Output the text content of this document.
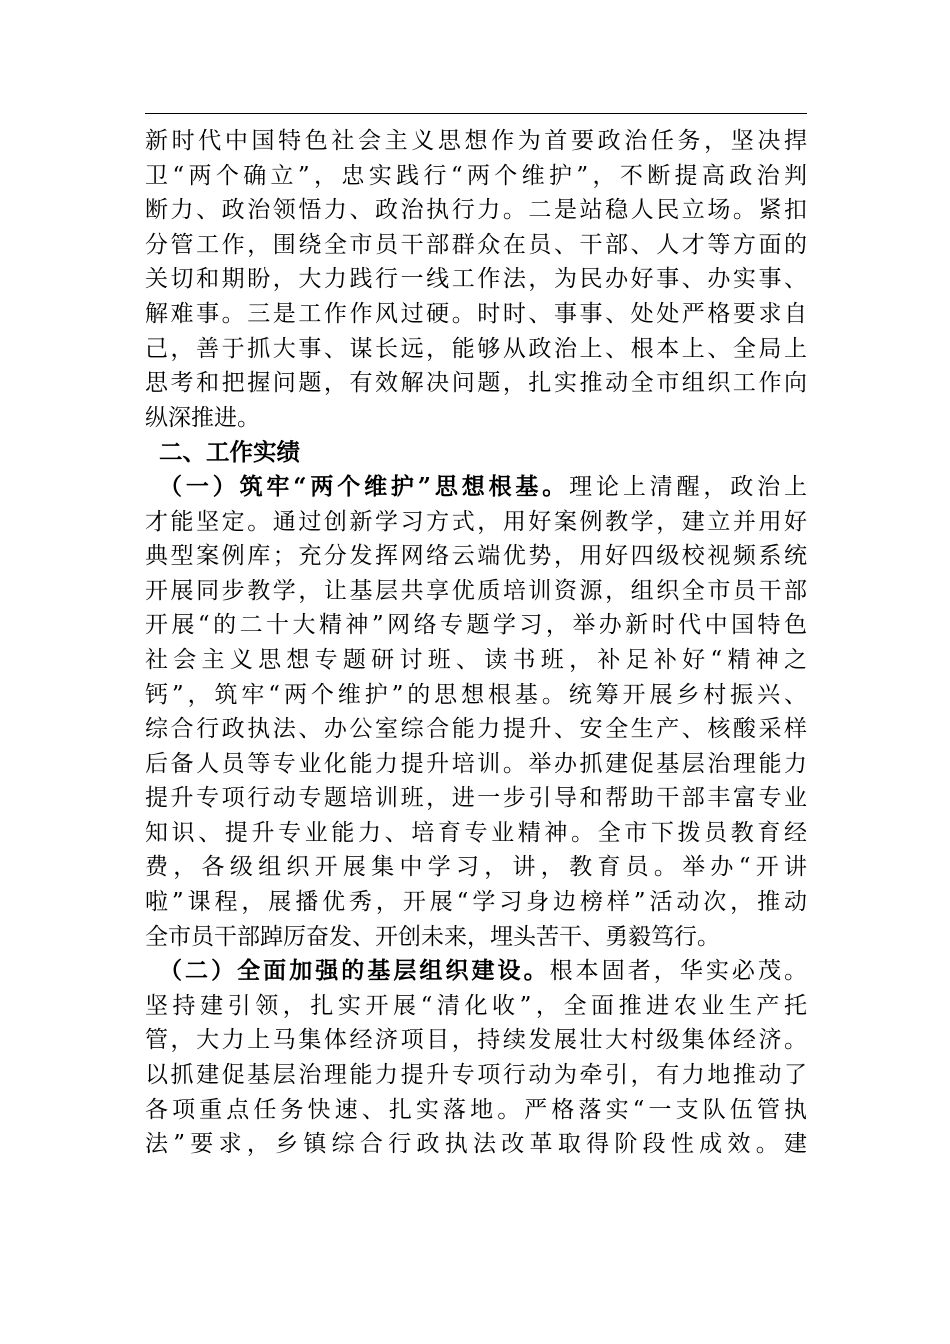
新时代中国特色社会主义思想作为首要政治任务，坚决捍
卫“两个确立”，忠实践行“两个维护”，不断提高政治判
断力、政治领悟力、政治执行力。二是站稳人民立场。紧扣
分管工作，围绕全市员干部群众在员、干部、人才等方面的
关切和期盼，大力践行一线工作法，为民办好事、办实事、
解难事。三是工作作风过硬。时时、事事、处处严格要求自
己，善于抓大事、谋长远，能够从政治上、根本上、全局上
思考和把握问题，有效解决问题，扎实推动全市组织工作向
纵深推进。
二、工作实绩
（一）筑牢“两个维护”思想根基。理论上清醒，政治上
才能坚定。通过创新学习方式，用好案例教学，建立并用好
典型案例库；充分发挥网络云端优势，用好四级校视频系统
开展同步教学，让基层共享优质培训资源，组织全市员干部
开展“的二十大精神”网络专题学习，举办新时代中国特色
社会主义思想专题研讨班、读书班，补足补好“精神之
钙”，筑牢“两个维护”的思想根基。统筹开展乡村振兴、
综合行政执法、办公室综合能力提升、安全生产、核酸采样
后备人员等专业化能力提升培训。举办抓建促基层治理能力
提升专项行动专题培训班，进一步引导和帮助干部丰富专业
知识、提升专业能力、培育专业精神。全市下拨员教育经
费，各级组织开展集中学习，讲，教育员。举办“开讲
啦”课程，展播优秀，开展“学习身边榜样”活动次，推动
全市员干部踔厉奋发、开创未来，埋头苦干、勇毅笃行。
（二）全面加强的基层组织建设。根本固者，华实必茂。
坚持建引领，扎实开展“清化收”，全面推进农业生产托
管，大力上马集体经济项目，持续发展壮大村级集体经济。
以抓建促基层治理能力提升专项行动为牵引，有力地推动了
各项重点任务快速、扎实落地。严格落实“一支队伍管执
法”要求，乡镇综合行政执法改革取得阶段性成效。建
